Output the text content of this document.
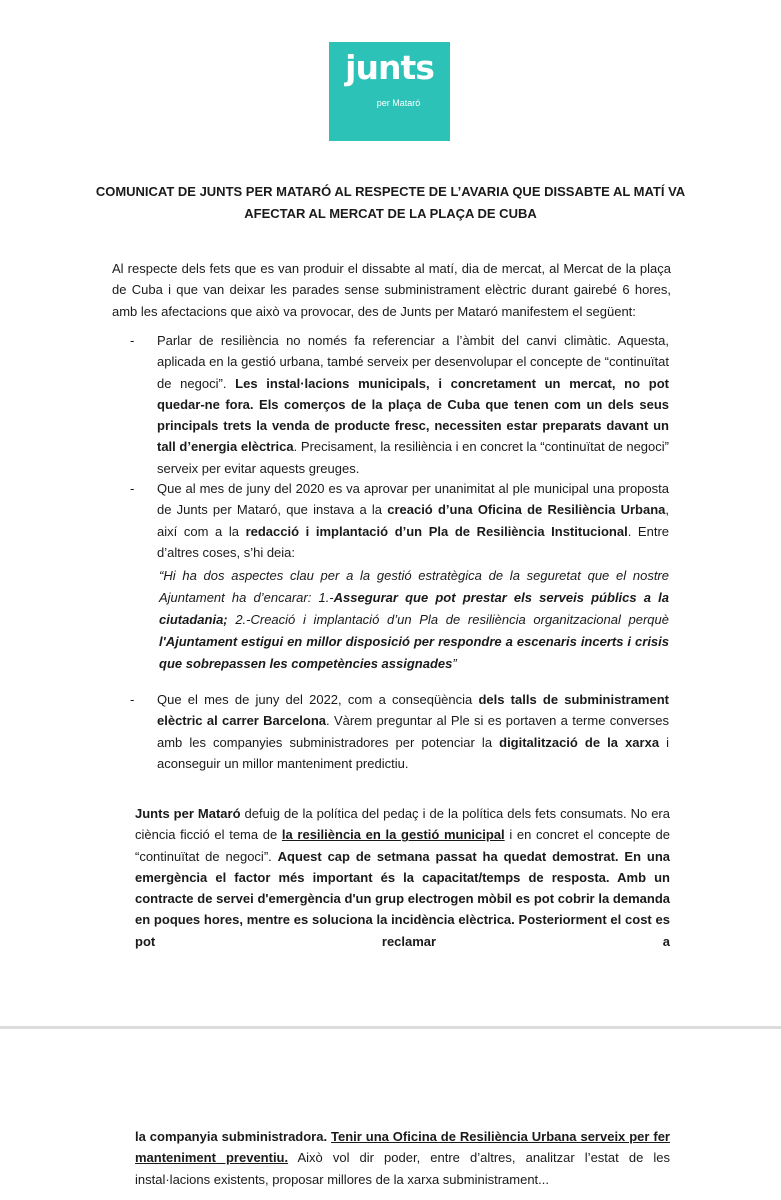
junts
per Mataró
COMUNICAT DE JUNTS PER MATARÓ AL RESPECTE DE L’AVARIA QUE DISSABTE AL MATÍ VA
AFECTAR AL MERCAT DE LA PLAÇA DE CUBA
Al respecte dels fets que es van produir el dissabte al matí, dia de mercat, al Mercat de la plaça de Cuba i que van deixar les parades sense subministrament elèctric durant gairebé 6 hores, amb les afectacions que això va provocar, des de Junts per Mataró manifestem el següent:
- Parlar de resiliència no només fa referenciar a l’àmbit del canvi climàtic. Aquesta, aplicada en la gestió urbana, també serveix per desenvolupar el concepte de “continuïtat de negoci”. Les instal·lacions municipals, i concretament un mercat, no pot quedar-ne fora. Els comerços de la plaça de Cuba que tenen com un dels seus principals trets la venda de producte fresc, necessiten estar preparats davant un tall d’energia elèctrica. Precisament, la resiliència i en concret la “continuïtat de negoci” serveix per evitar aquests greuges.
- Que al mes de juny del 2020 es va aprovar per unanimitat al ple municipal una proposta de Junts per Mataró, que instava a la creació d’una Oficina de Resiliència Urbana, així com a la redacció i implantació d’un Pla de Resiliència Institucional. Entre d’altres coses, s’hi deia:
“Hi ha dos aspectes clau per a la gestió estratègica de la seguretat que el nostre Ajuntament ha d’encarar: 1.-Assegurar que pot prestar els serveis públics a la ciutadania; 2.-Creació i implantació d’un Pla de resiliència organitzacional perquè l'Ajuntament estigui en millor disposició per respondre a escenaris incerts i crisis que sobrepassen les competències assignades”
- Que el mes de juny del 2022, com a conseqüència dels talls de subministrament elèctric al carrer Barcelona. Vàrem preguntar al Ple si es portaven a terme converses amb les companyies subministradores per potenciar la digitalització de la xarxa i aconseguir un millor manteniment predictiu.
Junts per Mataró defuig de la política del pedaç i de la política dels fets consumats. No era ciència ficció el tema de la resiliència en la gestió municipal i en concret el concepte de “continuïtat de negoci”. Aquest cap de setmana passat ha quedat demostrat. En una emergència el factor més important és la capacitat/temps de resposta. Amb un contracte de servei d'emergència d'un grup electrogen mòbil es pot cobrir la demanda en poques hores, mentre es soluciona la incidència elèctrica. Posteriorment el cost es pot reclamar a
la companyia subministradora. Tenir una Oficina de Resiliència Urbana serveix per fer manteniment preventiu. Això vol dir poder, entre d’altres, analitzar l’estat de les instal·lacions existents, proposar millores de la xarxa subministrament...
